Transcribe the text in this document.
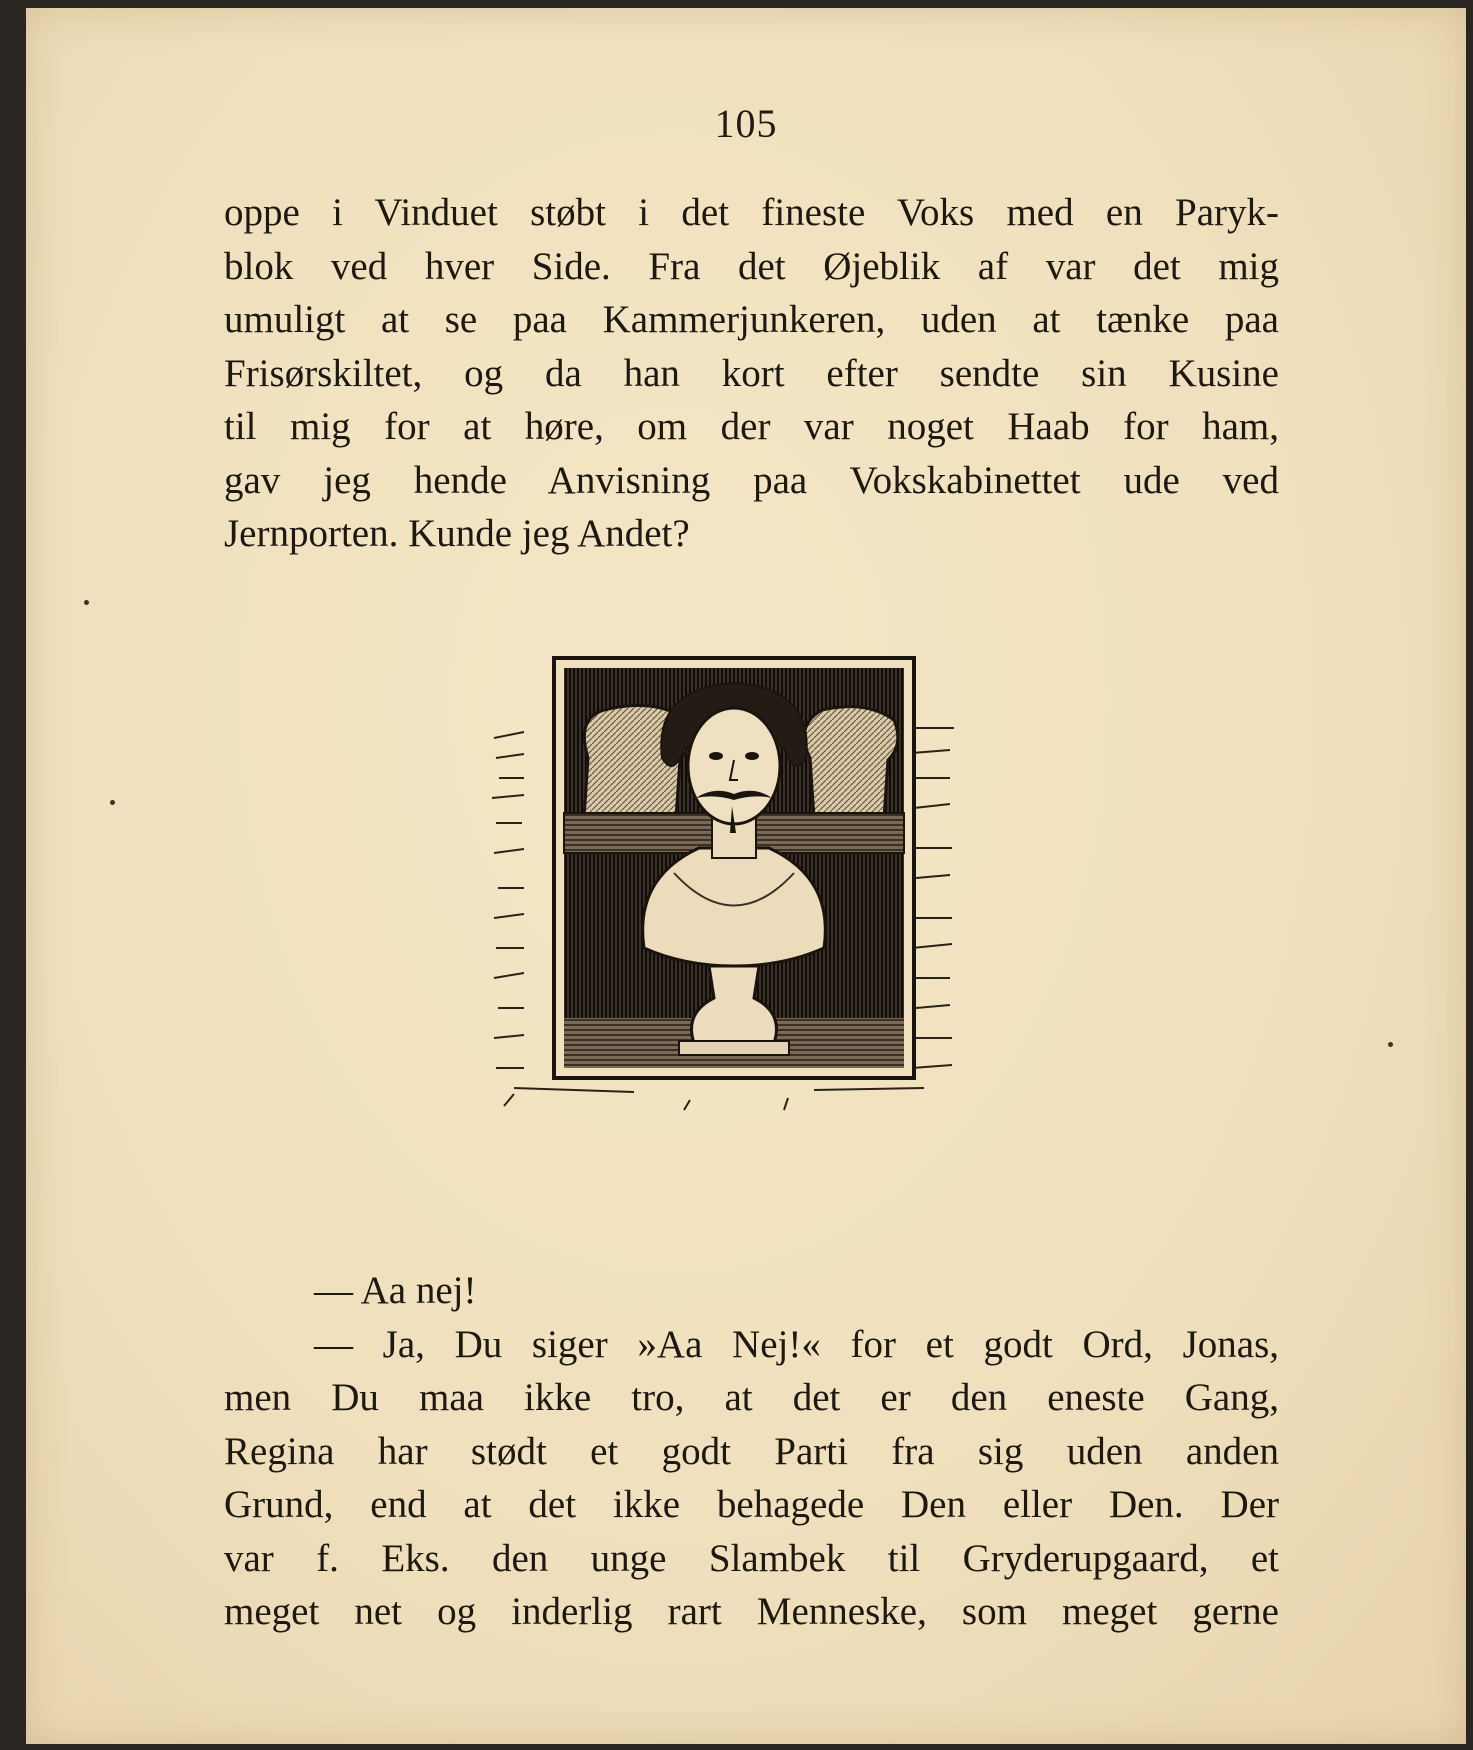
105
oppe i Vinduet støbt i det fineste Voks med en Paryk-
blok ved hver Side. Fra det Øjeblik af var det mig
umuligt at se paa Kammerjunkeren, uden at tænke paa
Frisørskiltet, og da han kort efter sendte sin Kusine
til mig for at høre, om der var noget Haab for ham,
gav jeg hende Anvisning paa Vokskabinettet ude ved
Jernporten. Kunde jeg Andet?
— Aa nej!
— Ja, Du siger »Aa Nej!« for et godt Ord, Jonas,
men Du maa ikke tro, at det er den eneste Gang,
Regina har stødt et godt Parti fra sig uden anden
Grund, end at det ikke behagede Den eller Den. Der
var f. Eks. den unge Slambek til Gryderupgaard, et
meget net og inderlig rart Menneske, som meget gerne
